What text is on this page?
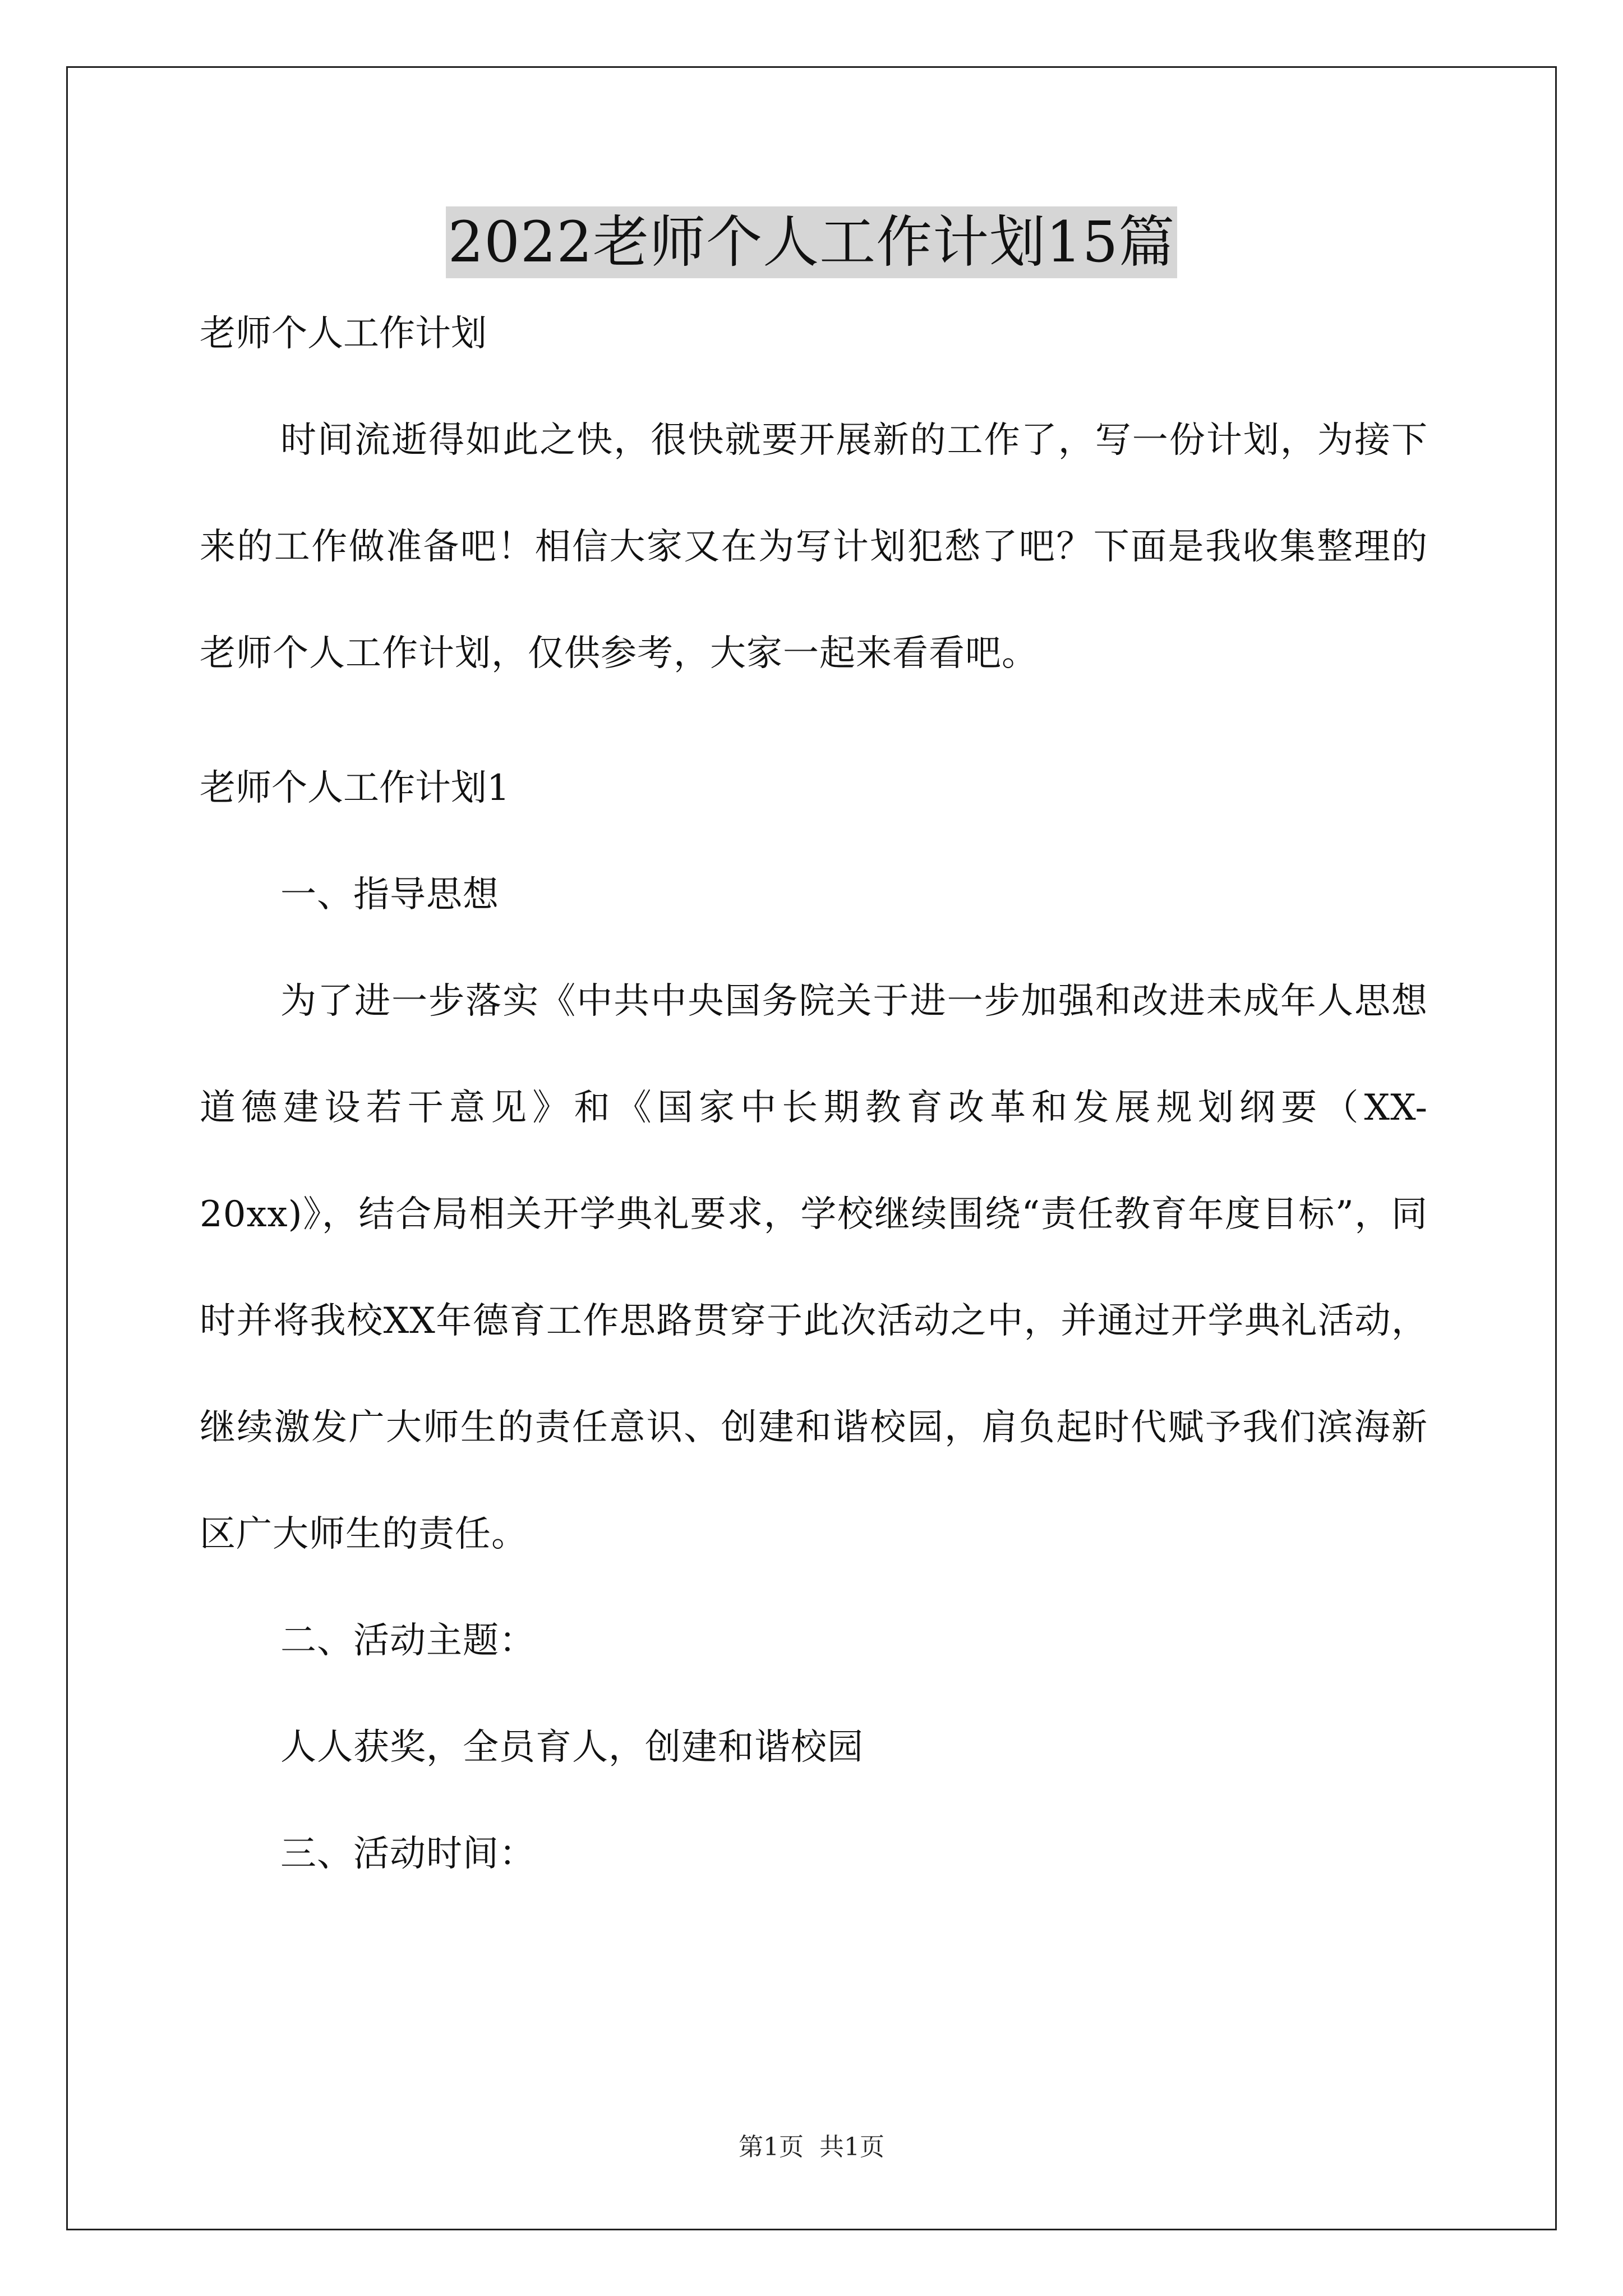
2022老师个人工作计划15篇
老师个人工作计划

时间流逝得如此之快，很快就要开展新的工作了，写一份计划，为接下来的工作做准备吧！相信大家又在为写计划犯愁了吧？下面是我收集整理的老师个人工作计划，仅供参考，大家一起来看看吧。

老师个人工作计划1

一、指导思想

为了进一步落实《中共中央国务院关于进一步加强和改进未成年人思想道德建设若干意见》和《国家中长期教育改革和发展规划纲要（XX-20xx)》，结合局相关开学典礼要求，学校继续围绕“责任教育年度目标”，同时并将我校XX年德育工作思路贯穿于此次活动之中，并通过开学典礼活动，继续激发广大师生的责任意识、创建和谐校园，肩负起时代赋予我们滨海新区广大师生的责任。

二、活动主题：

人人获奖，全员育人，创建和谐校园

三、活动时间：

第1页 共1页
